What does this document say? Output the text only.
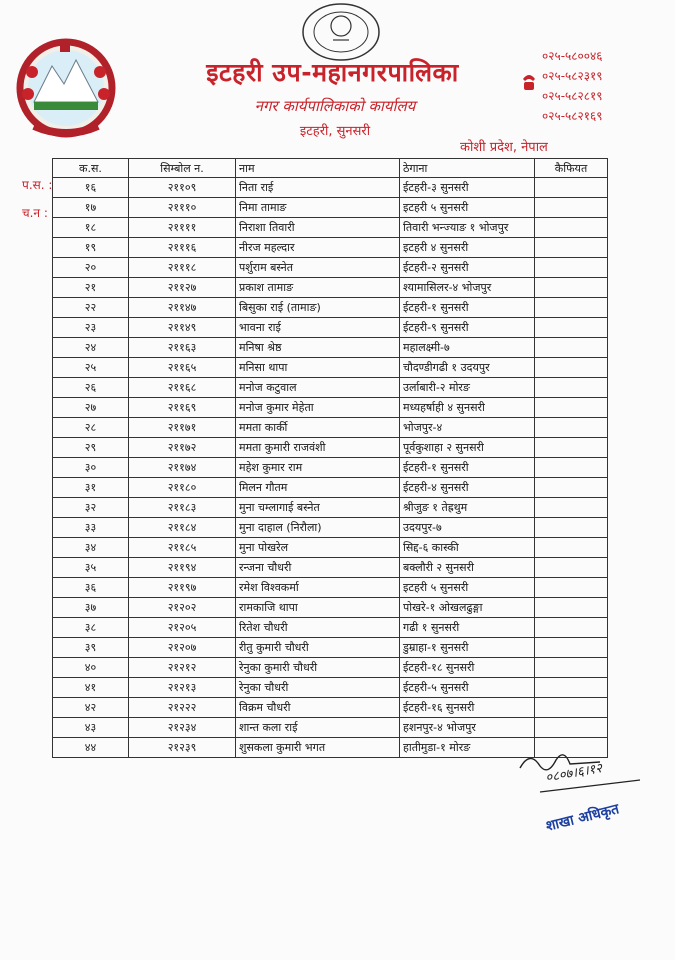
इटहरी उप-महानगरपालिका
नगर कार्यपालिकाको कार्यालय
इटहरी, सुनसरी
०२५-५८००४६
०२५-५८२३१९
०२५-५८२८१९
०२५-५८२१६९
कोशी प्रदेश, नेपाल
प.स. :
च.न :
क.स.	सिम्बोल न.	नाम	ठेगाना	कैफियत
१६	२११०९	निता राई	ईटहरी-३ सुनसरी	
१७	२१११०	निमा तामाङ	इटहरी ५ सुनसरी	
१८	२११११	निराशा तिवारी	तिवारी भन्ज्याङ १ भोजपुर	
१९	२१११६	नीरज महल्दार	इटहरी ४ सुनसरी	
२०	२१११८	पर्शुराम बस्नेत	ईटहरी-२ सुनसरी	
२१	२११२७	प्रकाश तामाङ	श्यामासिलर-४ भोजपुर	
२२	२११४७	बिसुका राई (तामाङ)	ईटहरी-१ सुनसरी	
२३	२११४९	भावना राई	ईटहरी-९ सुनसरी	
२४	२११६३	मनिषा श्रेष्ठ	महालक्ष्मी-७	
२५	२११६५	मनिसा थापा	चौदण्डीगढी १ उदयपुर	
२६	२११६८	मनोज कटुवाल	उर्लाबारी-२ मोरङ	
२७	२११६९	मनोज कुमार मेहेता	मध्यहर्षाही ४ सुनसरी	
२८	२११७१	ममता कार्की	भोजपुर-४	
२९	२११७२	ममता कुमारी राजवंशी	पूर्वकुशाहा २ सुनसरी	
३०	२११७४	महेश कुमार राम	ईटहरी-१ सुनसरी	
३१	२११८०	मिलन गौतम	ईटहरी-४ सुनसरी	
३२	२११८३	मुना चम्लागाई बस्नेत	श्रीजुङ १ तेह्रथुम	
३३	२११८४	मुना दाहाल (निरौला)	उदयपुर-७	
३४	२११८५	मुना पोखरेल	सिद्द-६ कास्की	
३५	२११९४	रन्जना चौधरी	बक्लौरी २ सुनसरी	
३६	२११९७	रमेश विश्वकर्मा	इटहरी ५ सुनसरी	
३७	२१२०२	रामकाजि थापा	पोखरे-१ ओखलढुङ्गा	
३८	२१२०५	रितेश चौधरी	गढी १ सुनसरी	
३९	२१२०७	रीतु कुमारी चौधरी	डुम्राहा-१ सुनसरी	
४०	२१२१२	रेनुका कुमारी चौधरी	ईटहरी-१८ सुनसरी	
४१	२१२१३	रेनुका चौधरी	ईटहरी-५ सुनसरी	
४२	२१२२२	विक्रम चौधरी	ईटहरी-१६ सुनसरी	
४३	२१२३४	शान्त कला राई	हशनपुर-४ भोजपुर	
४४	२१२३९	शुसकला कुमारी भगत	हातीमुडा-१ मोरङ	
०८०७।६।१२
शाखा अधिकृत
